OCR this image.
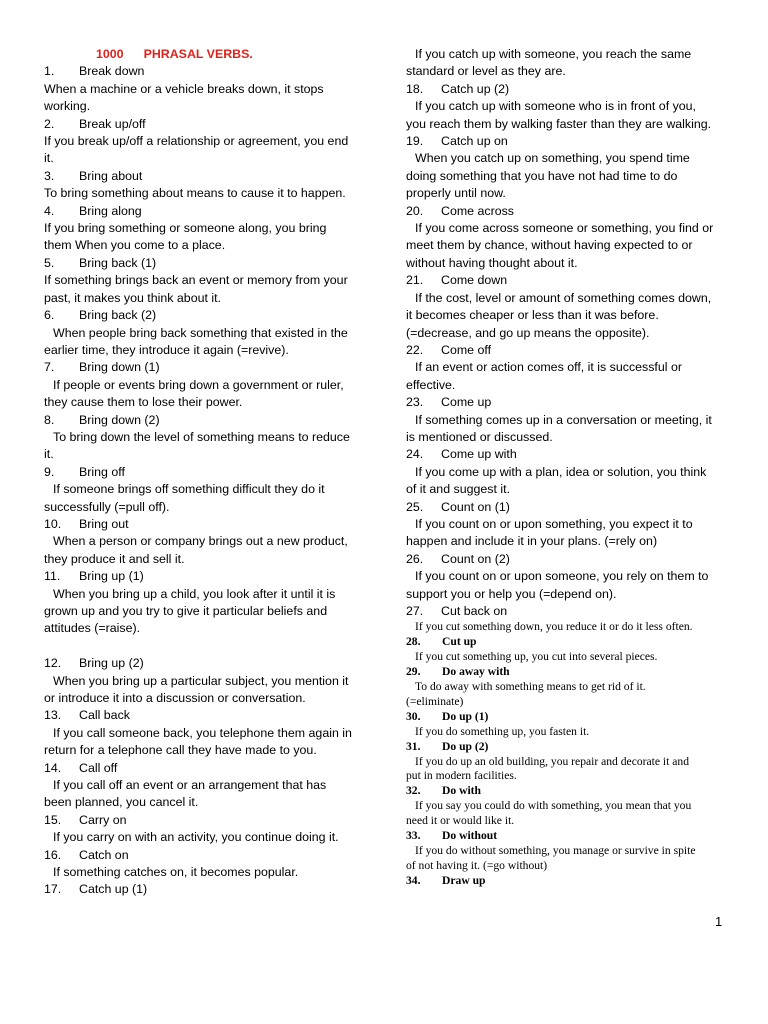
1000 PHRASAL VERBS.
1. Break down
When a machine or a vehicle breaks down, it stops
working.
2. Break up/off
If you break up/off a relationship or agreement, you end
it.
3. Bring about
To bring something about means to cause it to happen.
4. Bring along
If you bring something or someone along, you bring
them When you come to a place.
5. Bring back (1)
If something brings back an event or memory from your
past, it makes you think about it.
6. Bring back (2)
When people bring back something that existed in the
earlier time, they introduce it again (=revive).
7. Bring down (1)
If people or events bring down a government or ruler,
they cause them to lose their power.
8. Bring down (2)
To bring down the level of something means to reduce
it.
9. Bring off
If someone brings off something difficult they do it
successfully (=pull off).
10. Bring out
When a person or company brings out a new product,
they produce it and sell it.
11. Bring up (1)
When you bring up a child, you look after it until it is
grown up and you try to give it particular beliefs and
attitudes (=raise).
12. Bring up (2)
When you bring up a particular subject, you mention it
or introduce it into a discussion or conversation.
13. Call back
If you call someone back, you telephone them again in
return for a telephone call they have made to you.
14. Call off
If you call off an event or an arrangement that has
been planned, you cancel it.
15. Carry on
If you carry on with an activity, you continue doing it.
16. Catch on
If something catches on, it becomes popular.
17. Catch up (1)
If you catch up with someone, you reach the same
standard or level as they are.
18. Catch up (2)
If you catch up with someone who is in front of you,
you reach them by walking faster than they are walking.
19. Catch up on
When you catch up on something, you spend time
doing something that you have not had time to do
properly until now.
20. Come across
If you come across someone or something, you find or
meet them by chance, without having expected to or
without having thought about it.
21. Come down
If the cost, level or amount of something comes down,
it becomes cheaper or less than it was before.
(=decrease, and go up means the opposite).
22. Come off
If an event or action comes off, it is successful or
effective.
23. Come up
If something comes up in a conversation or meeting, it
is mentioned or discussed.
24. Come up with
If you come up with a plan, idea or solution, you think
of it and suggest it.
25. Count on (1)
If you count on or upon something, you expect it to
happen and include it in your plans. (=rely on)
26. Count on (2)
If you count on or upon someone, you rely on them to
support you or help you (=depend on).
27. Cut back on
If you cut something down, you reduce it or do it less often.
28. Cut up
If you cut something up, you cut into several pieces.
29. Do away with
To do away with something means to get rid of it.
(=eliminate)
30. Do up (1)
If you do something up, you fasten it.
31. Do up (2)
If you do up an old building, you repair and decorate it and
put in modern facilities.
32. Do with
If you say you could do with something, you mean that you
need it or would like it.
33. Do without
If you do without something, you manage or survive in spite
of not having it. (=go without)
34. Draw up
1
